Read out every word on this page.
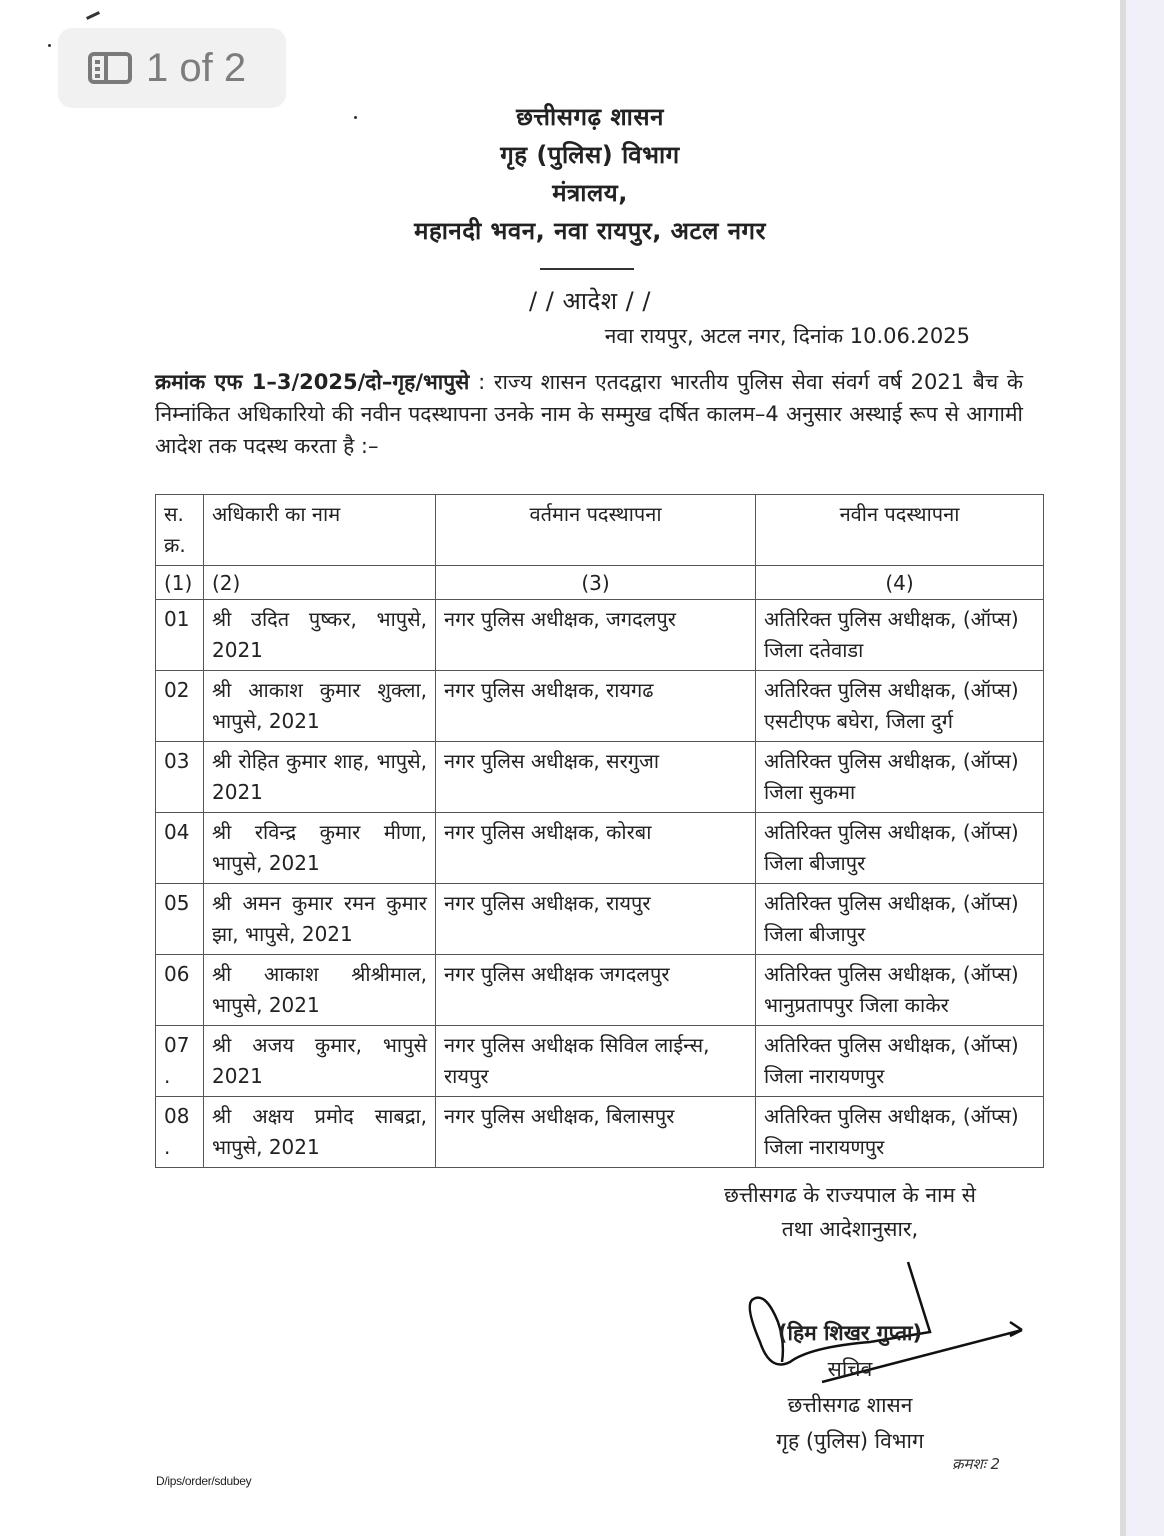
1 of 2
छत्तीसगढ़ शासन
गृह (पुलिस) विभाग
मंत्रालय,
महानदी भवन, नवा रायपुर, अटल नगर
/ / आदेश / /
नवा रायपुर, अटल नगर, दिनांक 10.06.2025
क्रमांक एफ 1–3/2025/दो–गृह/भापुसे : राज्य शासन एतदद्वारा भारतीय पुलिस सेवा संवर्ग वर्ष 2021 बैच के निम्नांकित अधिकारियो की नवीन पदस्थापना उनके नाम के सम्मुख दर्षित कालम–4 अनुसार अस्थाई रूप से आगामी आदेश तक पदस्थ करता है :–
स. क्र.	अधिकारी का नाम	वर्तमान पदस्थापना	नवीन पदस्थापना
(1)	(2)	(3)	(4)
01	श्री उदित पुष्कर, भापुसे, 2021	नगर पुलिस अधीक्षक, जगदलपुर	अतिरिक्त पुलिस अधीक्षक, (ऑप्स) जिला दतेवाडा
02	श्री आकाश कुमार शुक्ला, भापुसे, 2021	नगर पुलिस अधीक्षक, रायगढ	अतिरिक्त पुलिस अधीक्षक, (ऑप्स) एसटीएफ बघेरा, जिला दुर्ग
03	श्री रोहित कुमार शाह, भापुसे, 2021	नगर पुलिस अधीक्षक, सरगुजा	अतिरिक्त पुलिस अधीक्षक, (ऑप्स) जिला सुकमा
04	श्री रविन्द्र कुमार मीणा, भापुसे, 2021	नगर पुलिस अधीक्षक, कोरबा	अतिरिक्त पुलिस अधीक्षक, (ऑप्स) जिला बीजापुर
05	श्री अमन कुमार रमन कुमार झा, भापुसे, 2021	नगर पुलिस अधीक्षक, रायपुर	अतिरिक्त पुलिस अधीक्षक, (ऑप्स) जिला बीजापुर
06	श्री आकाश श्रीश्रीमाल, भापुसे, 2021	नगर पुलिस अधीक्षक जगदलपुर	अतिरिक्त पुलिस अधीक्षक, (ऑप्स) भानुप्रतापपुर जिला काकेर
07 .	श्री अजय कुमार, भापुसे 2021	नगर पुलिस अधीक्षक सिविल लाईन्स, रायपुर	अतिरिक्त पुलिस अधीक्षक, (ऑप्स) जिला नारायणपुर
08 .	श्री अक्षय प्रमोद साबद्रा, भापुसे, 2021	नगर पुलिस अधीक्षक, बिलासपुर	अतिरिक्त पुलिस अधीक्षक, (ऑप्स) जिला नारायणपुर
छत्तीसगढ के राज्यपाल के नाम से
तथा आदेशानुसार,
(हिम शिखर गुप्ता)
सचिव
छत्तीसगढ शासन
गृह (पुलिस) विभाग
क्रमशः 2
D/ips/order/sdubey
